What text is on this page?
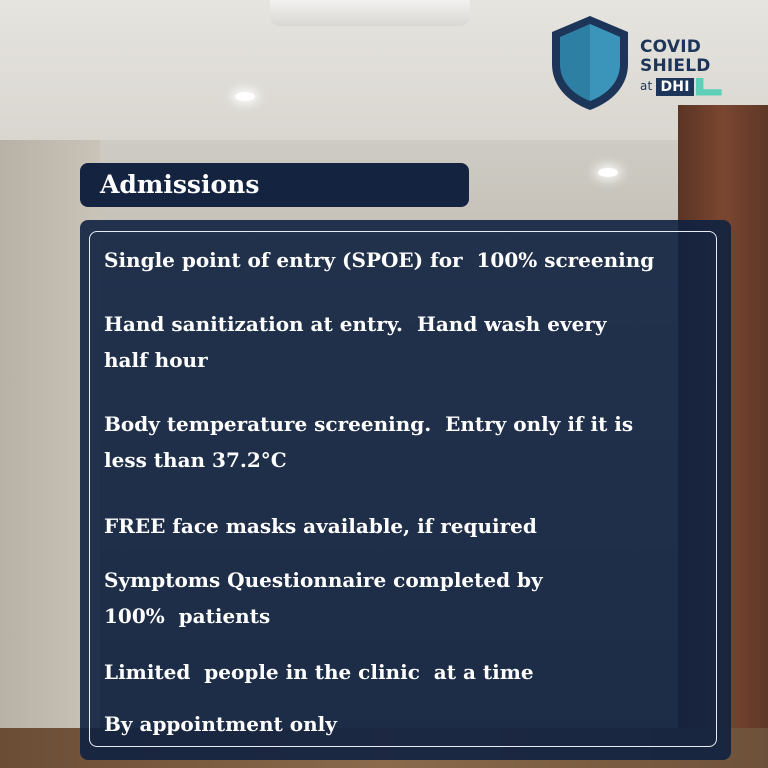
COVID
SHIELD
at DHI
Admissions
Single point of entry (SPOE) for  100% screening
Hand sanitization at entry.  Hand wash every
half hour
Body temperature screening.  Entry only if it is
less than 37.2°C
FREE face masks available, if required
Symptoms Questionnaire completed by
100%  patients
Limited  people in the clinic  at a time
By appointment only
